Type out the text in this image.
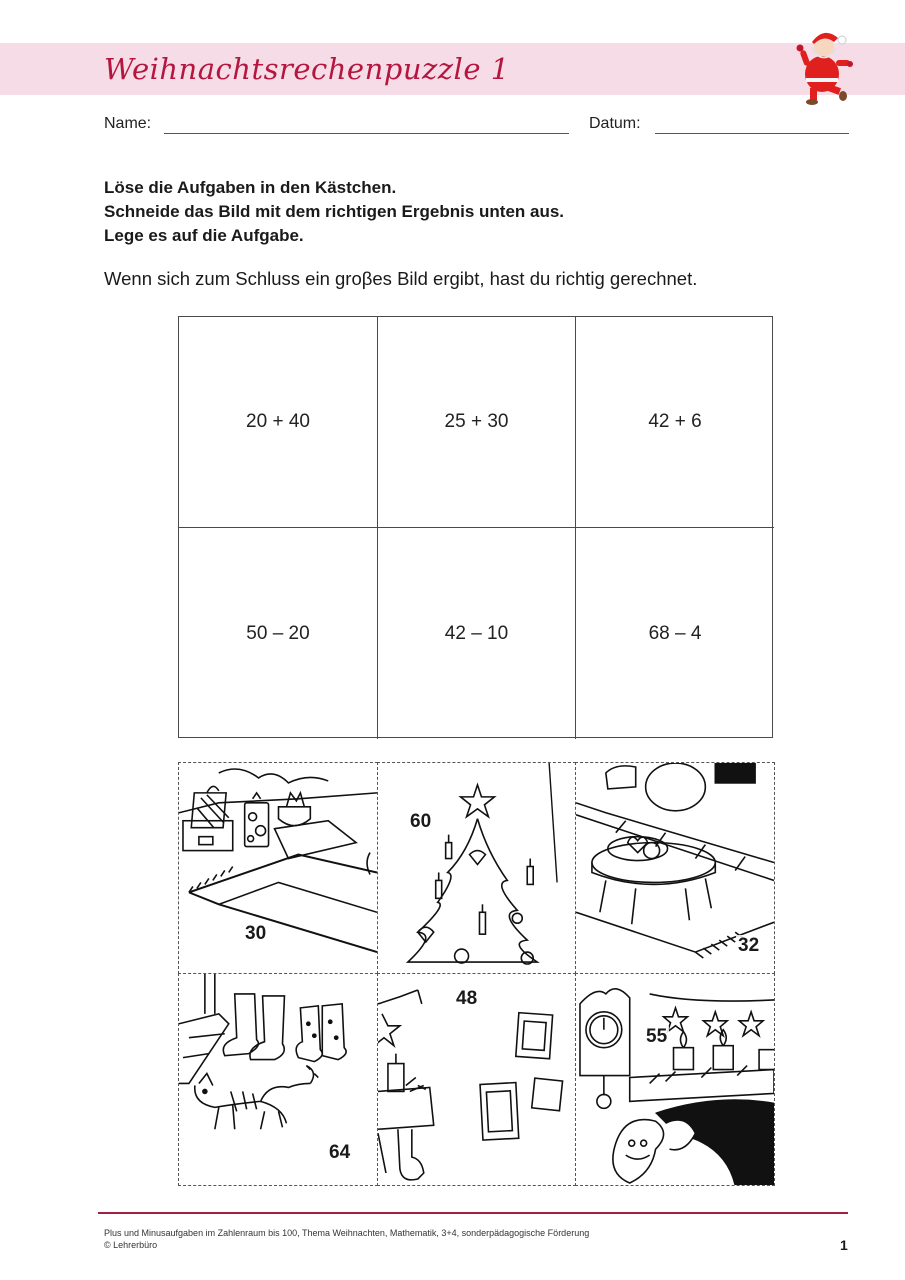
Weihnachtsrechenpuzzle 1
Name:	Datum:
Löse die Aufgaben in den Kästchen.
Schneide das Bild mit dem richtigen Ergebnis unten aus.
Lege es auf die Aufgabe.
Wenn sich zum Schluss ein groβes Bild ergibt, hast du richtig gerechnet.
20 + 40	25 + 30	42 + 6
50 – 20	42 – 10	68 – 4
30
60
32
64
48
55
Plus und Minusaufgaben im Zahlenraum bis 100, Thema Weihnachten, Mathematik, 3+4, sonderpädagogische Förderung
© Lehrerbüro	1
